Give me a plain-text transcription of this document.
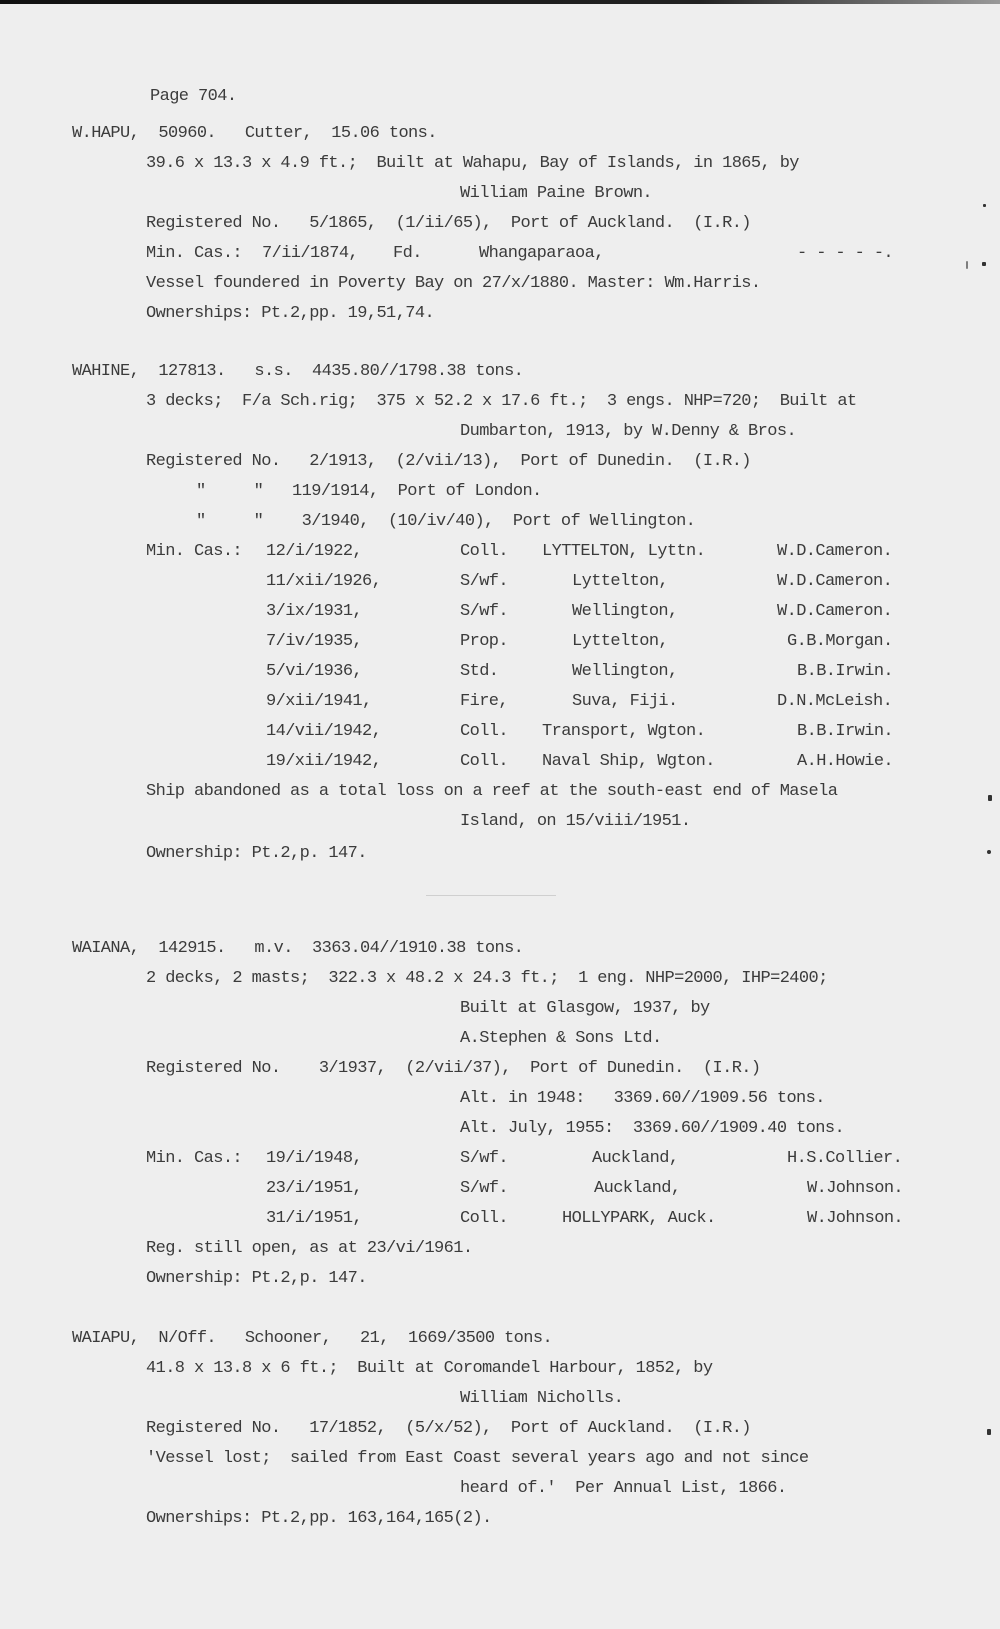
Page 704.
W.HAPU,  50960.   Cutter,  15.06 tons.
39.6 x 13.3 x 4.9 ft.;  Built at Wahapu, Bay of Islands, in 1865, by
William Paine Brown.
Registered No.   5/1865,  (1/ii/65),  Port of Auckland.  (I.R.)
Min. Cas.: 7/ii/1874, Fd.	Whangaparaoa,	- - - - -.
Vessel foundered in Poverty Bay on 27/x/1880. Master: Wm.Harris.
Ownerships: Pt.2,pp. 19,51,74.
WAHINE,  127813.   s.s.  4435.80//1798.38 tons.
3 decks;  F/a Sch.rig;  375 x 52.2 x 17.6 ft.;  3 engs. NHP=720;  Built at
Dumbarton, 1913, by W.Denny & Bros.
Registered No.   2/1913,  (2/vii/13),  Port of Dunedin.  (I.R.)
"     "   119/1914,  Port of London.
"     "    3/1940,  (10/iv/40),  Port of Wellington.
Min. Cas.: 12/i/1922,	Coll. LYTTELTON, Lyttn.	W.D.Cameron.
11/xii/1926,	S/wf.	Lyttelton,	W.D.Cameron.
3/ix/1931,	S/wf.	Wellington,	W.D.Cameron.
7/iv/1935,	Prop.	Lyttelton,	G.B.Morgan.
5/vi/1936,	Std.	Wellington,	B.B.Irwin.
9/xii/1941,	Fire,	Suva, Fiji.	D.N.McLeish.
14/vii/1942,	Coll. Transport, Wgton.	B.B.Irwin.
19/xii/1942,	Coll. Naval Ship, Wgton.	A.H.Howie.
Ship abandoned as a total loss on a reef at the south-east end of Masela
Island, on 15/viii/1951.
Ownership: Pt.2,p. 147.
WAIANA,  142915.   m.v.  3363.04//1910.38 tons.
2 decks, 2 masts;  322.3 x 48.2 x 24.3 ft.;  1 eng. NHP=2000, IHP=2400;
Built at Glasgow, 1937, by
A.Stephen & Sons Ltd.
Registered No.    3/1937,  (2/vii/37),  Port of Dunedin.  (I.R.)
Alt. in 1948:   3369.60//1909.56 tons.
Alt. July, 1955:  3369.60//1909.40 tons.
Min. Cas.: 19/i/1948,	S/wf.	Auckland,	H.S.Collier.
23/i/1951,	S/wf.	Auckland,	W.Johnson.
31/i/1951,	Coll.	HOLLYPARK, Auck.	W.Johnson.
Reg. still open, as at 23/vi/1961.
Ownership: Pt.2,p. 147.
WAIAPU,  N/Off.   Schooner,   21,  1669/3500 tons.
41.8 x 13.8 x 6 ft.;  Built at Coromandel Harbour, 1852, by
William Nicholls.
Registered No.   17/1852,  (5/x/52),  Port of Auckland.  (I.R.)
'Vessel lost;  sailed from East Coast several years ago and not since
heard of.'  Per Annual List, 1866.
Ownerships: Pt.2,pp. 163,164,165(2).
